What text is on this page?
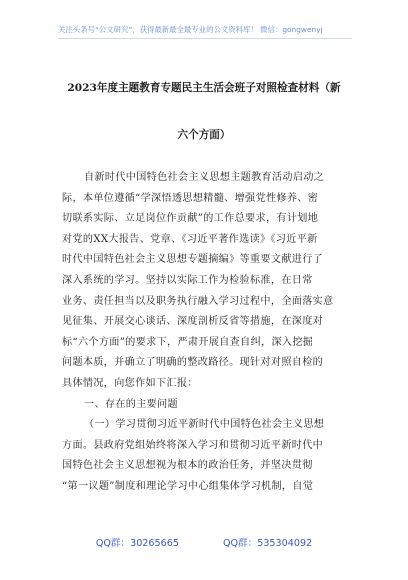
关注头条号“公文研究”，获得最新最全最专业的公文资料库！ 微信：gongwenyj
2023年度主题教育专题民主生活会班子对照检查材料（新
六个方面）
自新时代中国特色社会主义思想主题教育活动启动之
际，本单位遵循“学深悟透思想精髓、增强党性修养、密
切联系实际、立足岗位作贡献”的工作总要求，有计划地
对党的XX大报告、党章、《习近平著作选读》《习近平新
时代中国特色社会主义思想专题摘编》等重要文献进行了
深入系统的学习。坚持以实际工作为检验标准，在日常
业务、责任担当以及职务执行融入学习过程中，全面落实意
见征集、开展交心谈话、深度剖析反省等措施，在深度对
标“六个方面”的要求下，严肃开展自查自纠，深入挖掘
问题本质，并确立了明确的整改路径。现针对对照自检的
具体情况，向您作如下汇报：
一、存在的主要问题
（一）学习贯彻习近平新时代中国特色社会主义思想
方面。县政府党组始终将深入学习和贯彻习近平新时代中
国特色社会主义思想视为根本的政治任务，并坚决贯彻
“第一议题”制度和理论学习中心组集体学习机制，自觉
QQ群：30265665	QQ群：535304092
